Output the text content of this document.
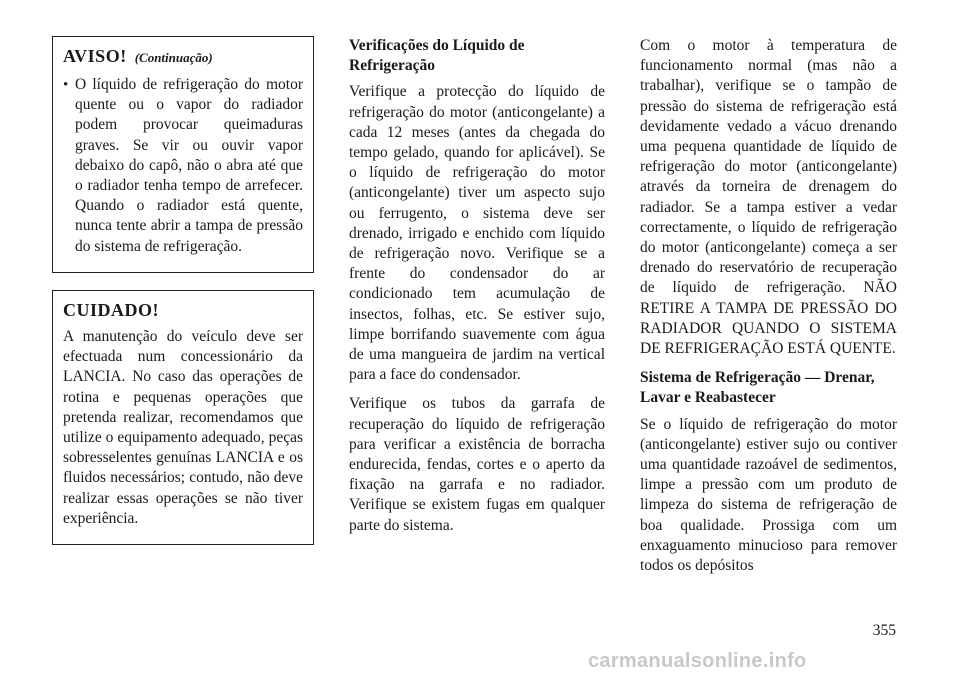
AVISO! (Continuação)
• O líquido de refrigeração do motor quente ou o vapor do radiador podem provocar queimaduras graves. Se vir ou ouvir vapor debaixo do capô, não o abra até que o radiador tenha tempo de arrefecer. Quando o radiador está quente, nunca tente abrir a tampa de pressão do sistema de refrigeração.

CUIDADO!

A manutenção do veículo deve ser efectuada num concessionário da LANCIA. No caso das operações de rotina e pequenas operações que pretenda realizar, recomendamos que utilize o equipamento adequado, peças sobresselentes genuínas LANCIA e os fluidos necessários; contudo, não deve realizar essas operações se não tiver experiência.

Verificações do Líquido de Refrigeração

Verifique a protecção do líquido de refrigeração do motor (anticongelante) a cada 12 meses (antes da chegada do tempo gelado, quando for aplicável). Se o líquido de refrigeração do motor (anticongelante) tiver um aspecto sujo ou ferrugento, o sistema deve ser drenado, irrigado e enchido com líquido de refrigeração novo. Verifique se a frente do condensador do ar condicionado tem acumulação de insectos, folhas, etc. Se estiver sujo, limpe borrifando suavemente com água de uma mangueira de jardim na vertical para a face do condensador.

Verifique os tubos da garrafa de recuperação do líquido de refrigeração para verificar a existência de borracha endurecida, fendas, cortes e o aperto da fixação na garrafa e no radiador. Verifique se existem fugas em qualquer parte do sistema.

Com o motor à temperatura de funcionamento normal (mas não a trabalhar), verifique se o tampão de pressão do sistema de refrigeração está devidamente vedado a vácuo drenando uma pequena quantidade de líquido de refrigeração do motor (anticongelante) através da torneira de drenagem do radiador. Se a tampa estiver a vedar correctamente, o líquido de refrigeração do motor (anticongelante) começa a ser drenado do reservatório de recuperação de líquido de refrigeração. NÃO RETIRE A TAMPA DE PRESSÃO DO RADIADOR QUANDO O SISTEMA DE REFRIGERAÇÃO ESTÁ QUENTE.

Sistema de Refrigeração — Drenar, Lavar e Reabastecer

Se o líquido de refrigeração do motor (anticongelante) estiver sujo ou contiver uma quantidade razoável de sedimentos, limpe a pressão com um produto de limpeza do sistema de refrigeração de boa qualidade. Prossiga com um enxaguamento minucioso para remover todos os depósitos

355
carmanualsonline.info
